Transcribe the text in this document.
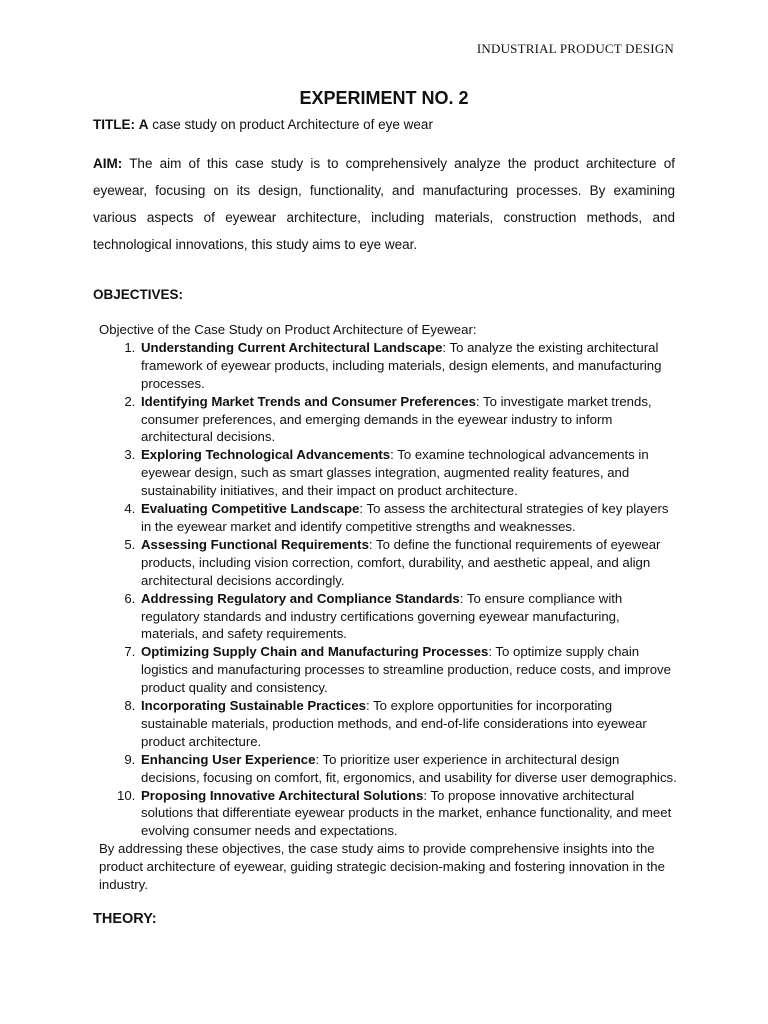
INDUSTRIAL PRODUCT DESIGN

EXPERIMENT NO. 2

TITLE: A case study on product Architecture of eye wear

AIM: The aim of this case study is to comprehensively analyze the product architecture of eyewear, focusing on its design, functionality, and manufacturing processes. By examining various aspects of eyewear architecture, including materials, construction methods, and technological innovations, this study aims to eye wear.

OBJECTIVES:

Objective of the Case Study on Product Architecture of Eyewear:

1. Understanding Current Architectural Landscape: To analyze the existing architectural framework of eyewear products, including materials, design elements, and manufacturing processes.
2. Identifying Market Trends and Consumer Preferences: To investigate market trends, consumer preferences, and emerging demands in the eyewear industry to inform architectural decisions.
3. Exploring Technological Advancements: To examine technological advancements in eyewear design, such as smart glasses integration, augmented reality features, and sustainability initiatives, and their impact on product architecture.
4. Evaluating Competitive Landscape: To assess the architectural strategies of key players in the eyewear market and identify competitive strengths and weaknesses.
5. Assessing Functional Requirements: To define the functional requirements of eyewear products, including vision correction, comfort, durability, and aesthetic appeal, and align architectural decisions accordingly.
6. Addressing Regulatory and Compliance Standards: To ensure compliance with regulatory standards and industry certifications governing eyewear manufacturing, materials, and safety requirements.
7. Optimizing Supply Chain and Manufacturing Processes: To optimize supply chain logistics and manufacturing processes to streamline production, reduce costs, and improve product quality and consistency.
8. Incorporating Sustainable Practices: To explore opportunities for incorporating sustainable materials, production methods, and end-of-life considerations into eyewear product architecture.
9. Enhancing User Experience: To prioritize user experience in architectural design decisions, focusing on comfort, fit, ergonomics, and usability for diverse user demographics.
10. Proposing Innovative Architectural Solutions: To propose innovative architectural solutions that differentiate eyewear products in the market, enhance functionality, and meet evolving consumer needs and expectations.

By addressing these objectives, the case study aims to provide comprehensive insights into the product architecture of eyewear, guiding strategic decision-making and fostering innovation in the industry.

THEORY:
